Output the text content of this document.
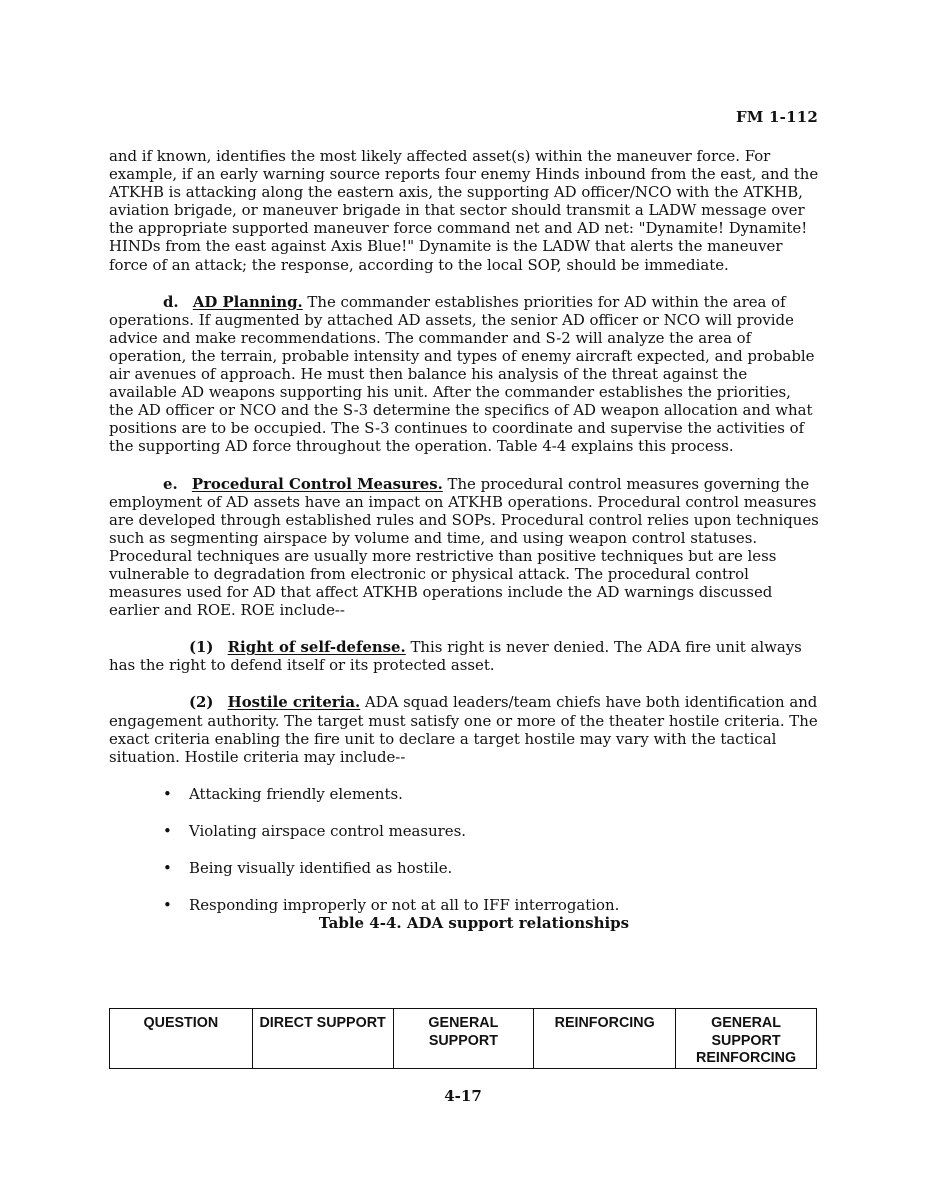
FM 1-112

and if known, identifies the most likely affected asset(s) within the maneuver force. For example, if an early warning source reports four enemy Hinds inbound from the east, and the ATKHB is attacking along the eastern axis, the supporting AD officer/NCO with the ATKHB, aviation brigade, or maneuver brigade in that sector should transmit a LADW message over the appropriate supported maneuver force command net and AD net: "Dynamite! Dynamite! HINDs from the east against Axis Blue!" Dynamite is the LADW that alerts the maneuver force of an attack; the response, according to the local SOP, should be immediate.

d. AD Planning. The commander establishes priorities for AD within the area of operations. If augmented by attached AD assets, the senior AD officer or NCO will provide advice and make recommendations. The commander and S-2 will analyze the area of operation, the terrain, probable intensity and types of enemy aircraft expected, and probable air avenues of approach. He must then balance his analysis of the threat against the available AD weapons supporting his unit. After the commander establishes the priorities, the AD officer or NCO and the S-3 determine the specifics of AD weapon allocation and what positions are to be occupied. The S-3 continues to coordinate and supervise the activities of the supporting AD force throughout the operation. Table 4-4 explains this process.

e. Procedural Control Measures. The procedural control measures governing the employment of AD assets have an impact on ATKHB operations. Procedural control measures are developed through established rules and SOPs. Procedural control relies upon techniques such as segmenting airspace by volume and time, and using weapon control statuses. Procedural techniques are usually more restrictive than positive techniques but are less vulnerable to degradation from electronic or physical attack. The procedural control measures used for AD that affect ATKHB operations include the AD warnings discussed earlier and ROE. ROE include--

(1) Right of self-defense. This right is never denied. The ADA fire unit always has the right to defend itself or its protected asset.

(2) Hostile criteria. ADA squad leaders/team chiefs have both identification and engagement authority. The target must satisfy one or more of the theater hostile criteria. The exact criteria enabling the fire unit to declare a target hostile may vary with the tactical situation. Hostile criteria may include--

•	Attacking friendly elements.
•	Violating airspace control measures.
•	Being visually identified as hostile.
•	Responding improperly or not at all to IFF interrogation.
Table 4-4. ADA support relationships
QUESTION	DIRECT SUPPORT	GENERAL SUPPORT	REINFORCING	GENERAL SUPPORT REINFORCING
4-17
